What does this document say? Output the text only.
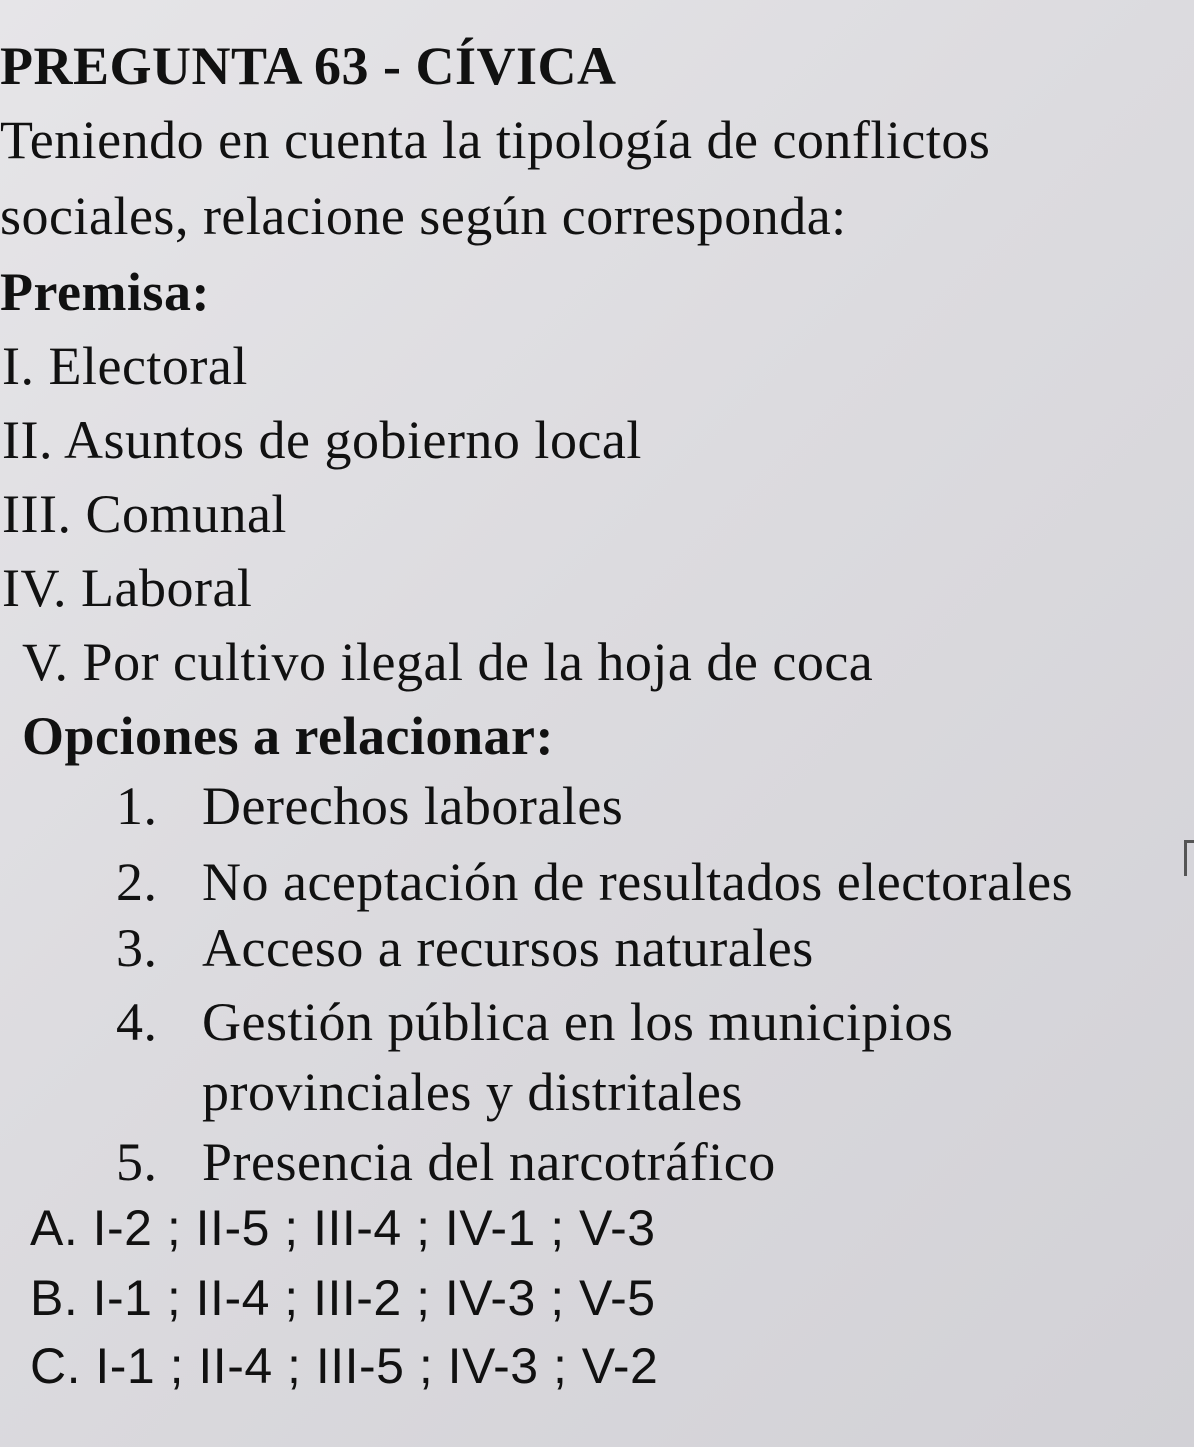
PREGUNTA 63 - CÍVICA
Teniendo en cuenta la tipología de conflictos
sociales, relacione según corresponda:
Premisa:
I. Electoral
II. Asuntos de gobierno local
III. Comunal
IV. Laboral
V. Por cultivo ilegal de la hoja de coca
Opciones a relacionar:
1. Derechos laborales
2. No aceptación de resultados electorales
3. Acceso a recursos naturales
4. Gestión pública en los municipios
provinciales y distritales
5. Presencia del narcotráfico
A. I-2 ; II-5 ; III-4 ; IV-1 ; V-3
B. I-1 ; II-4 ; III-2 ; IV-3 ; V-5
C. I-1 ; II-4 ; III-5 ; IV-3 ; V-2
